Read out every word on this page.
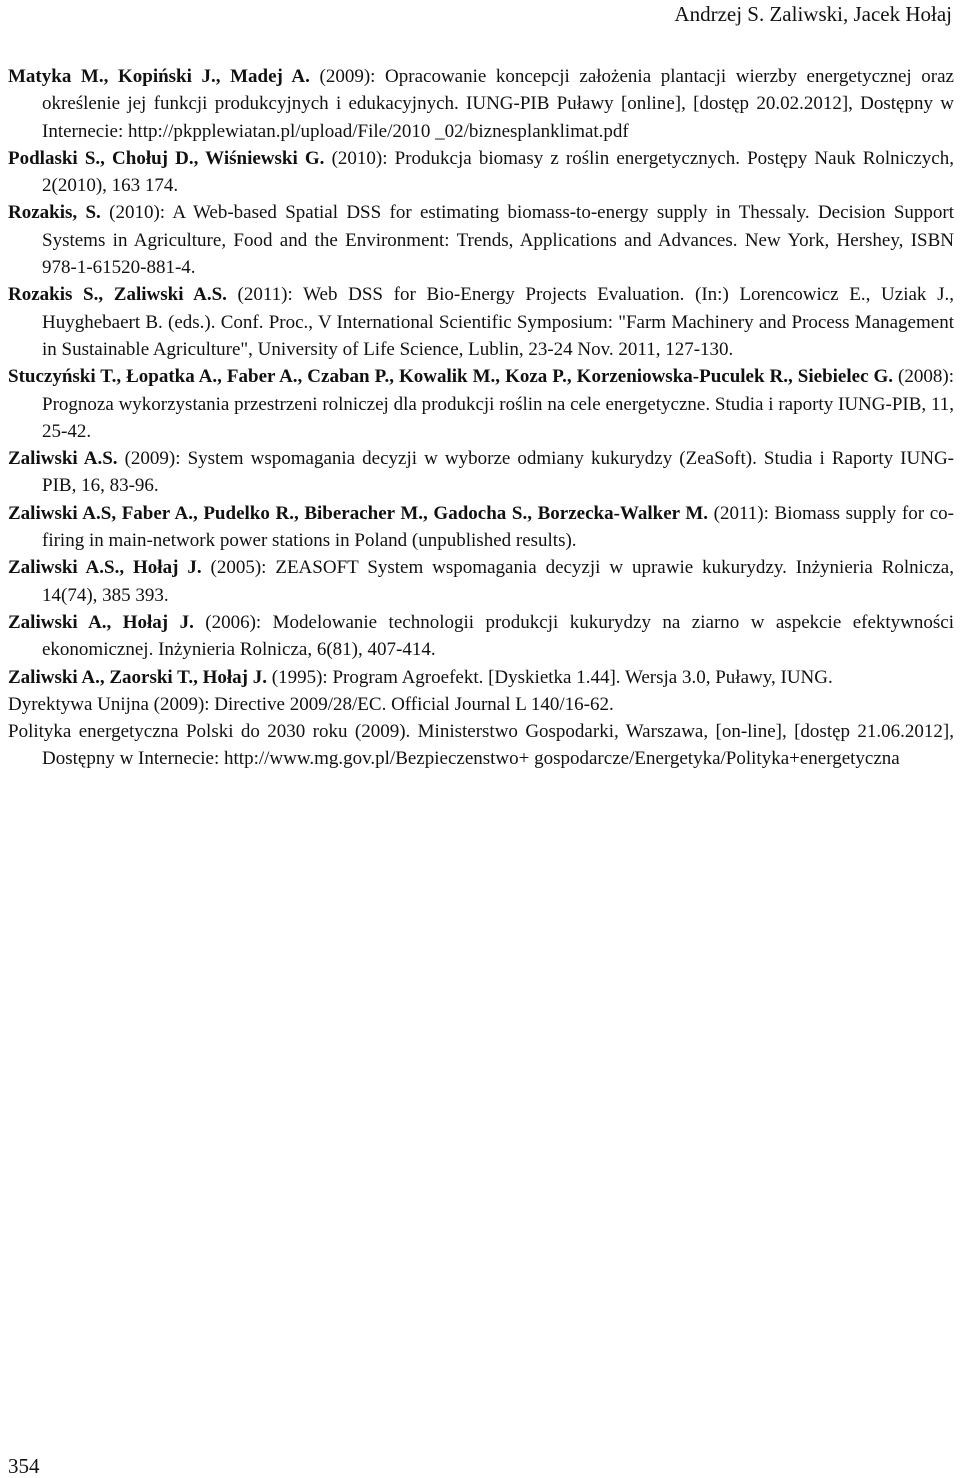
Andrzej S. Zaliwski, Jacek Hołaj

Matyka M., Kopiński J., Madej A. (2009): Opracowanie koncepcji założenia plantacji wierzby energetycznej oraz określenie jej funkcji produkcyjnych i edukacyjnych. IUNG-PIB Puławy [online], [dostęp 20.02.2012], Dostępny w Internecie: http://pkpplewiatan.pl/upload/File/2010 _02/biznesplanklimat.pdf

Podlaski S., Chołuj D., Wiśniewski G. (2010): Produkcja biomasy z roślin energetycznych. Postępy Nauk Rolniczych, 2(2010), 163 174.

Rozakis, S. (2010): A Web-based Spatial DSS for estimating biomass-to-energy supply in Thessaly. Decision Support Systems in Agriculture, Food and the Environment: Trends, Applications and Advances. New York, Hershey, ISBN 978-1-61520-881-4.

Rozakis S., Zaliwski A.S. (2011): Web DSS for Bio-Energy Projects Evaluation. (In:) Lorencowicz E., Uziak J., Huyghebaert B. (eds.). Conf. Proc., V International Scientific Symposium: "Farm Machinery and Process Management in Sustainable Agriculture", University of Life Science, Lublin, 23-24 Nov. 2011, 127-130.

Stuczyński T., Łopatka A., Faber A., Czaban P., Kowalik M., Koza P., Korzeniowska-Puculek R., Siebielec G. (2008): Prognoza wykorzystania przestrzeni rolniczej dla produkcji roślin na cele energetyczne. Studia i raporty IUNG-PIB, 11, 25-42.

Zaliwski A.S. (2009): System wspomagania decyzji w wyborze odmiany kukurydzy (ZeaSoft). Studia i Raporty IUNG-PIB, 16, 83-96.

Zaliwski A.S, Faber A., Pudelko R., Biberacher M., Gadocha S., Borzecka-Walker M. (2011): Biomass supply for co-firing in main-network power stations in Poland (unpublished results).

Zaliwski A.S., Hołaj J. (2005): ZEASOFT System wspomagania decyzji w uprawie kukurydzy. Inżynieria Rolnicza, 14(74), 385 393.

Zaliwski A., Hołaj J. (2006): Modelowanie technologii produkcji kukurydzy na ziarno w aspekcie efektywności ekonomicznej. Inżynieria Rolnicza, 6(81), 407-414.

Zaliwski A., Zaorski T., Hołaj J. (1995): Program Agroefekt. [Dyskietka 1.44]. Wersja 3.0, Puławy, IUNG.

Dyrektywa Unijna (2009): Directive 2009/28/EC. Official Journal L 140/16-62.

Polityka energetyczna Polski do 2030 roku (2009). Ministerstwo Gospodarki, Warszawa, [on-line], [dostęp 21.06.2012], Dostępny w Internecie: http://www.mg.gov.pl/Bezpieczenstwo+ gospodarcze/Energetyka/Polityka+energetyczna

354
